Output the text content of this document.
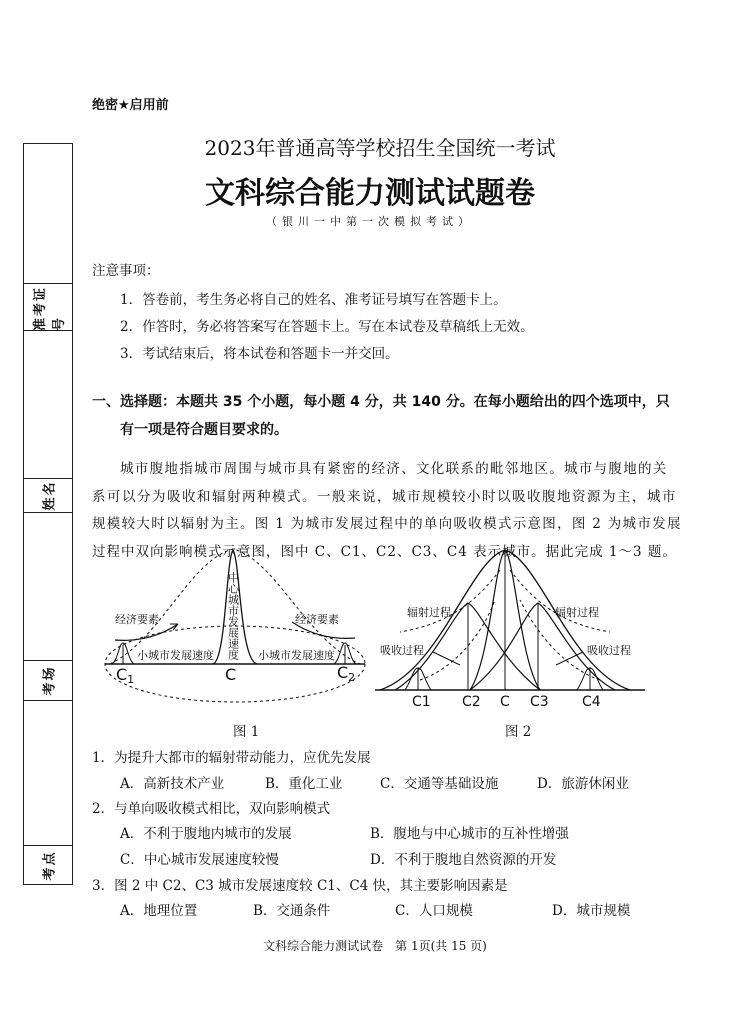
准考证号
姓名
考场
考点
绝密★启用前
2023年普通高等学校招生全国统一考试
文科综合能力测试试题卷
（银川一中第一次模拟考试）
注意事项：
1．答卷前，考生务必将自己的姓名、准考证号填写在答题卡上。
2．作答时，务必将答案写在答题卡上。写在本试卷及草稿纸上无效。
3．考试结束后，将本试卷和答题卡一并交回。
一、选择题：本题共 35 个小题，每小题 4 分，共 140 分。在每小题给出的四个选项中，只
有一项是符合题目要求的。
城市腹地指城市周围与城市具有紧密的经济、文化联系的毗邻地区。城市与腹地的关
系可以分为吸收和辐射两种模式。一般来说，城市规模较小时以吸收腹地资源为主，城市
规模较大时以辐射为主。图 1 为城市发展过程中的单向吸收模式示意图，图 2 为城市发展
过程中双向影响模式示意图，图中 C、C1、C2、C3、C4 表示城市。据此完成 1～3 题。
经济要素	经济要素
小城市发展速度	小城市发展速度
中心城市发展速度
C1	C	C2
辐射过程	辐射过程
吸收过程	吸收过程
C1 C2 C C3 C4
图 1	图 2
1．为提升大都市的辐射带动能力，应优先发展
A．高新技术产业	B．重化工业	C．交通等基础设施	D．旅游休闲业
2．与单向吸收模式相比，双向影响模式
A．不利于腹地内城市的发展	B．腹地与中心城市的互补性增强
C．中心城市发展速度较慢	D．不利于腹地自然资源的开发
3．图 2 中 C2、C3 城市发展速度较 C1、C4 快，其主要影响因素是
A．地理位置	B．交通条件	C．人口规模	D．城市规模
文科综合能力测试试卷　第 1页(共 15 页)
